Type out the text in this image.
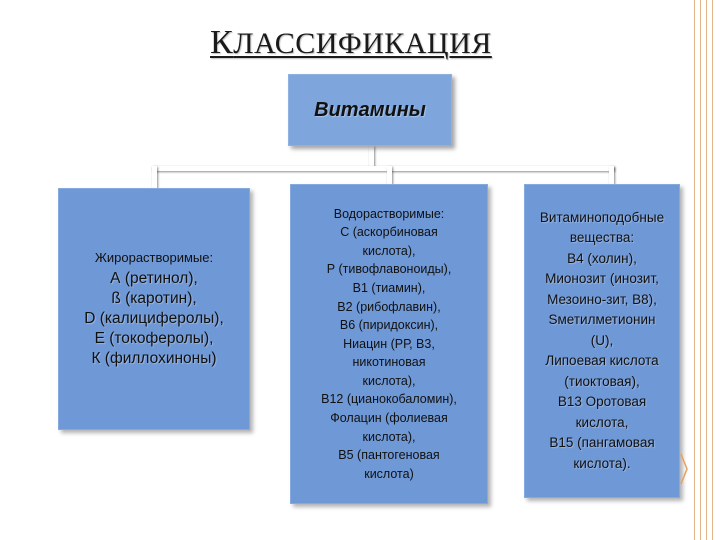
КЛАССИФИКАЦИЯ
Витамины
Жирорастворимые:
А (ретинол),
ß (каротин),
D (калициферолы),
Е (токоферолы),
К (филлохиноны)
Водорастворимые:
С (аскорбиновая
кислота),
Р (тивофлавоноиды),
В1 (тиамин),
В2 (рибофлавин),
В6 (пиридоксин),
Ниацин (РР, В3,
никотиновая
кислота),
В12 (цианокобаломин),
Фолацин (фолиевая
кислота),
В5 (пантогеновая
кислота)
Витаминоподобные
вещества:
В4 (холин),
Мионозит (инозит,
Мезоино-зит, В8),
Sметилметионин
(U),
Липоевая кислота
(тиоктовая),
В13 Оротовая
кислота,
В15 (пангамовая
кислота).
